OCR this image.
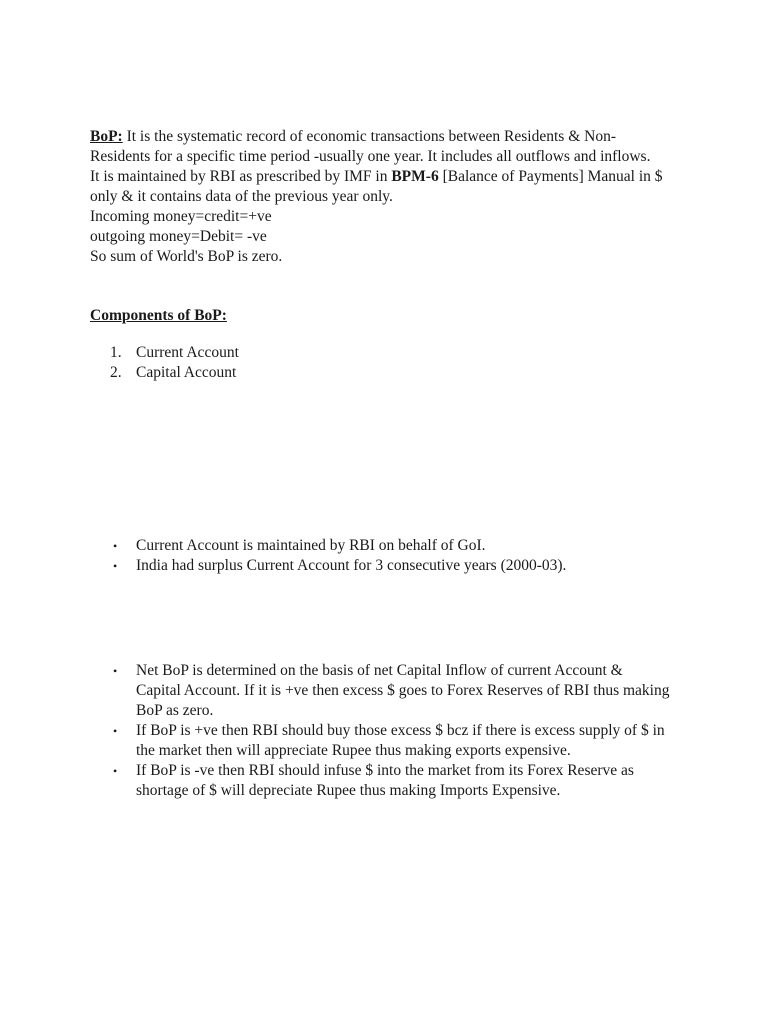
BoP: It is the systematic record of economic transactions between Residents & Non-Residents for a specific time period -usually one year. It includes all outflows and inflows.

It is maintained by RBI as prescribed by IMF in BPM-6 [Balance of Payments] Manual in $ only & it contains data of the previous year only.

Incoming money=credit=+ve

outgoing money=Debit= -ve

So sum of World's BoP is zero.

Components of BoP:

1. Current Account
2. Capital Account
• Current Account is maintained by RBI on behalf of GoI.
• India had surplus Current Account for 3 consecutive years (2000-03).
• Net BoP is determined on the basis of net Capital Inflow of current Account & Capital Account. If it is +ve then excess $ goes to Forex Reserves of RBI thus making BoP as zero.
• If BoP is +ve then RBI should buy those excess $ bcz if there is excess supply of $ in the market then will appreciate Rupee thus making exports expensive.
• If BoP is -ve then RBI should infuse $ into the market from its Forex Reserve as shortage of $ will depreciate Rupee thus making Imports Expensive.
